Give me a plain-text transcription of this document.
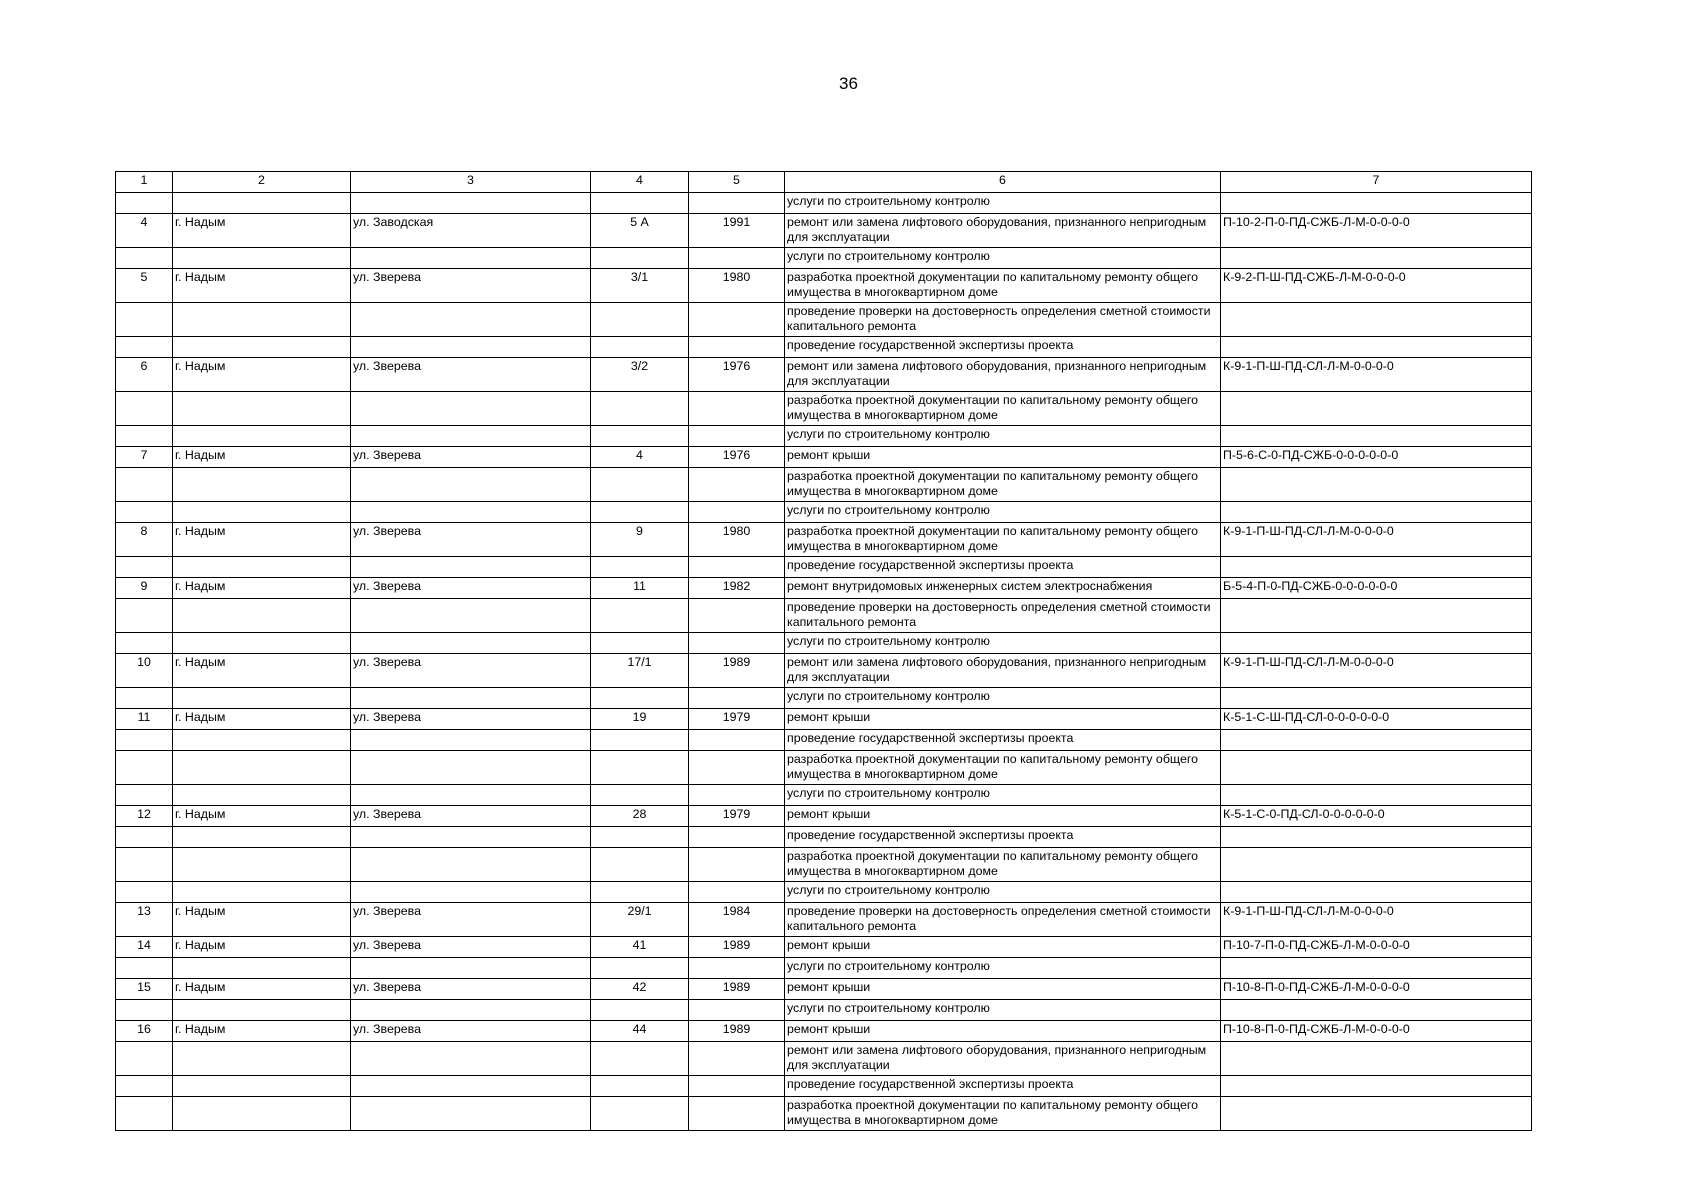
36
1	2	3	4	5	6	7
					услуги по строительному контролю	
4	г. Надым	ул. Заводская	5 А	1991	ремонт или замена лифтового оборудования, признанного непригодным для эксплуатации	П-10-2-П-0-ПД-СЖБ-Л-М-0-0-0-0
					услуги по строительному контролю	
5	г. Надым	ул. Зверева	3/1	1980	разработка проектной документации по капитальному ремонту общего имущества в многоквартирном доме	К-9-2-П-Ш-ПД-СЖБ-Л-М-0-0-0-0
					проведение проверки на достоверность определения сметной стоимости капитального ремонта	
					проведение государственной экспертизы проекта	
6	г. Надым	ул. Зверева	3/2	1976	ремонт или замена лифтового оборудования, признанного непригодным для эксплуатации	К-9-1-П-Ш-ПД-СЛ-Л-М-0-0-0-0
					разработка проектной документации по капитальному ремонту общего имущества в многоквартирном доме	
					услуги по строительному контролю	
7	г. Надым	ул. Зверева	4	1976	ремонт крыши	П-5-6-С-0-ПД-СЖБ-0-0-0-0-0-0
					разработка проектной документации по капитальному ремонту общего имущества в многоквартирном доме	
					услуги по строительному контролю	
8	г. Надым	ул. Зверева	9	1980	разработка проектной документации по капитальному ремонту общего имущества в многоквартирном доме	К-9-1-П-Ш-ПД-СЛ-Л-М-0-0-0-0
					проведение государственной экспертизы проекта	
9	г. Надым	ул. Зверева	11	1982	ремонт внутридомовых инженерных систем электроснабжения	Б-5-4-П-0-ПД-СЖБ-0-0-0-0-0-0
					проведение проверки на достоверность определения сметной стоимости капитального ремонта	
					услуги по строительному контролю	
10	г. Надым	ул. Зверева	17/1	1989	ремонт или замена лифтового оборудования, признанного непригодным для эксплуатации	К-9-1-П-Ш-ПД-СЛ-Л-М-0-0-0-0
					услуги по строительному контролю	
11	г. Надым	ул. Зверева	19	1979	ремонт крыши	К-5-1-С-Ш-ПД-СЛ-0-0-0-0-0-0
					проведение государственной экспертизы проекта	
					разработка проектной документации по капитальному ремонту общего имущества в многоквартирном доме	
					услуги по строительному контролю	
12	г. Надым	ул. Зверева	28	1979	ремонт крыши	К-5-1-С-0-ПД-СЛ-0-0-0-0-0-0
					проведение государственной экспертизы проекта	
					разработка проектной документации по капитальному ремонту общего имущества в многоквартирном доме	
					услуги по строительному контролю	
13	г. Надым	ул. Зверева	29/1	1984	проведение проверки на достоверность определения сметной стоимости капитального ремонта	К-9-1-П-Ш-ПД-СЛ-Л-М-0-0-0-0
14	г. Надым	ул. Зверева	41	1989	ремонт крыши	П-10-7-П-0-ПД-СЖБ-Л-М-0-0-0-0
					услуги по строительному контролю	
15	г. Надым	ул. Зверева	42	1989	ремонт крыши	П-10-8-П-0-ПД-СЖБ-Л-М-0-0-0-0
					услуги по строительному контролю	
16	г. Надым	ул. Зверева	44	1989	ремонт крыши	П-10-8-П-0-ПД-СЖБ-Л-М-0-0-0-0
					ремонт или замена лифтового оборудования, признанного непригодным для эксплуатации	
					проведение государственной экспертизы проекта	
					разработка проектной документации по капитальному ремонту общего имущества в многоквартирном доме	
